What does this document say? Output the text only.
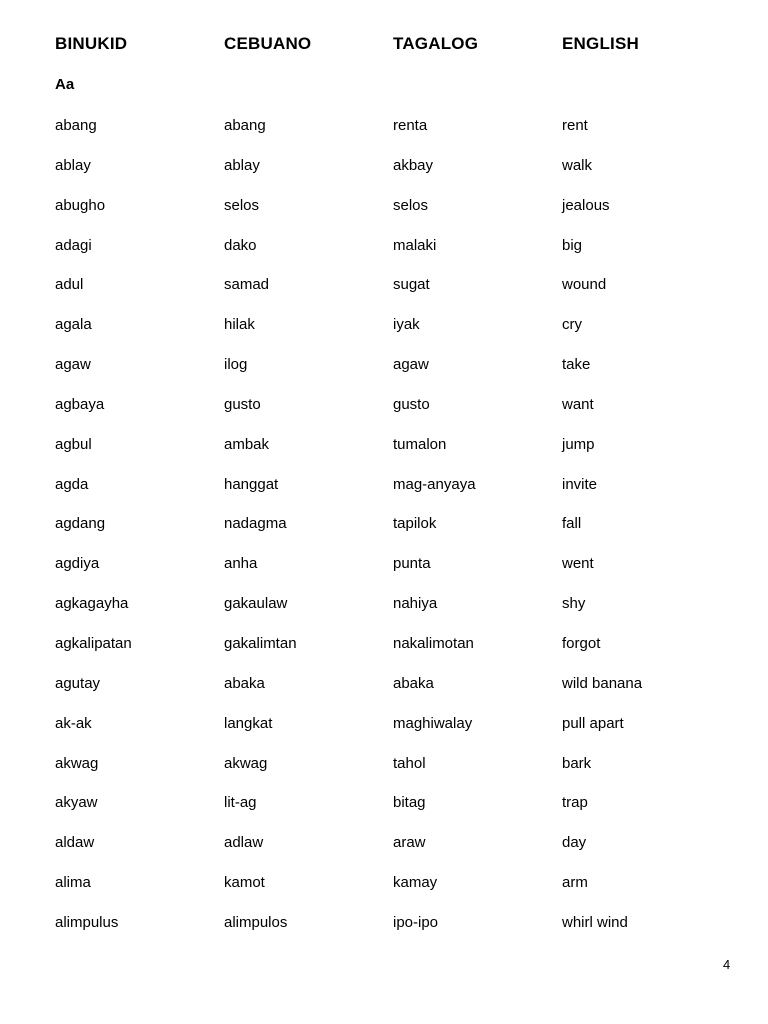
BINUKID	CEBUANO	TAGALOG	ENGLISH
Aa
abang	abang	renta	rent
ablay	ablay	akbay	walk
abugho	selos	selos	jealous
adagi	dako	malaki	big
adul	samad	sugat	wound
agala	hilak	iyak	cry
agaw	ilog	agaw	take
agbaya	gusto	gusto	want
agbul	ambak	tumalon	jump
agda	hanggat	mag-anyaya	invite
agdang	nadagma	tapilok	fall
agdiya	anha	punta	went
agkagayha	gakaulaw	nahiya	shy
agkalipatan	gakalimtan	nakalimotan	forgot
agutay	abaka	abaka	wild banana
ak-ak	langkat	maghiwalay	pull apart
akwag	akwag	tahol	bark
akyaw	lit-ag	bitag	trap
aldaw	adlaw	araw	day
alima	kamot	kamay	arm
alimpulus	alimpulos	ipo-ipo	whirl wind
4
